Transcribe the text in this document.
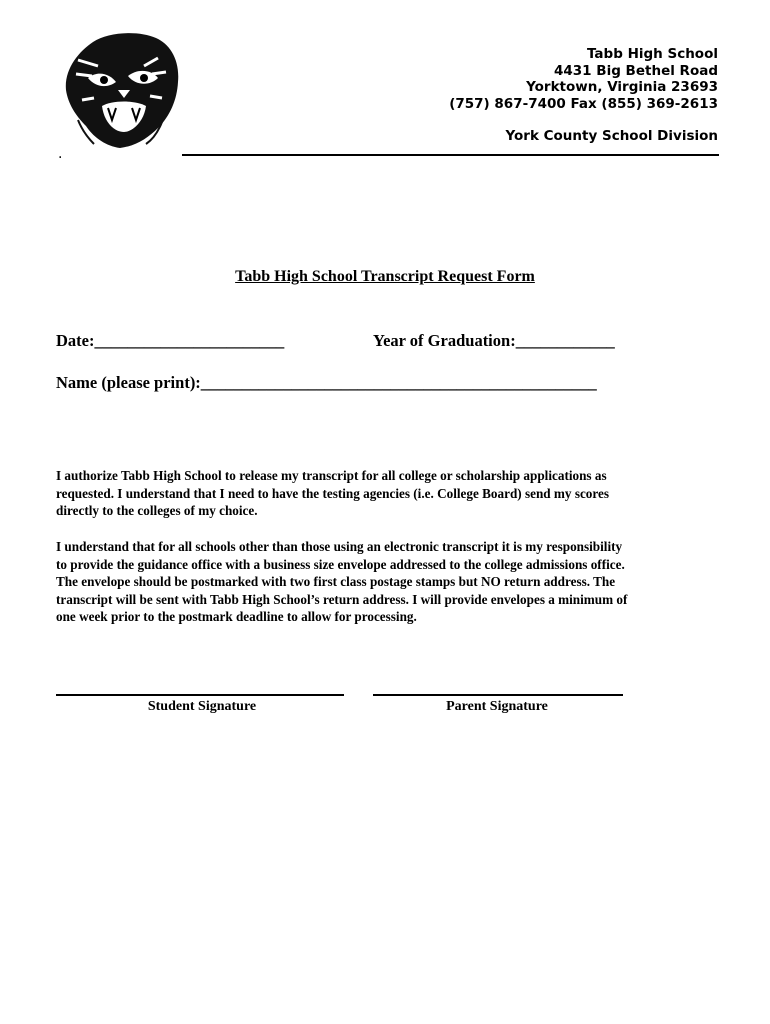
.
Tabb High School
4431 Big Bethel Road
Yorktown, Virginia 23693
(757) 867-7400 Fax (855) 369-2613
York County School Division
Tabb High School Transcript Request Form
Date:_______________________	Year of Graduation:____________
Name (please print):________________________________________________
I authorize Tabb High School to release my transcript for all college or scholarship applications as
requested. I understand that I need to have the testing agencies (i.e. College Board) send my scores
directly to the colleges of my choice.
I understand that for all schools other than those using an electronic transcript it is my responsibility
to provide the guidance office with a business size envelope addressed to the college admissions office.
The envelope should be postmarked with two first class postage stamps but NO return address. The
transcript will be sent with Tabb High School’s return address. I will provide envelopes a minimum of
one week prior to the postmark deadline to allow for processing.
Student Signature	Parent Signature
